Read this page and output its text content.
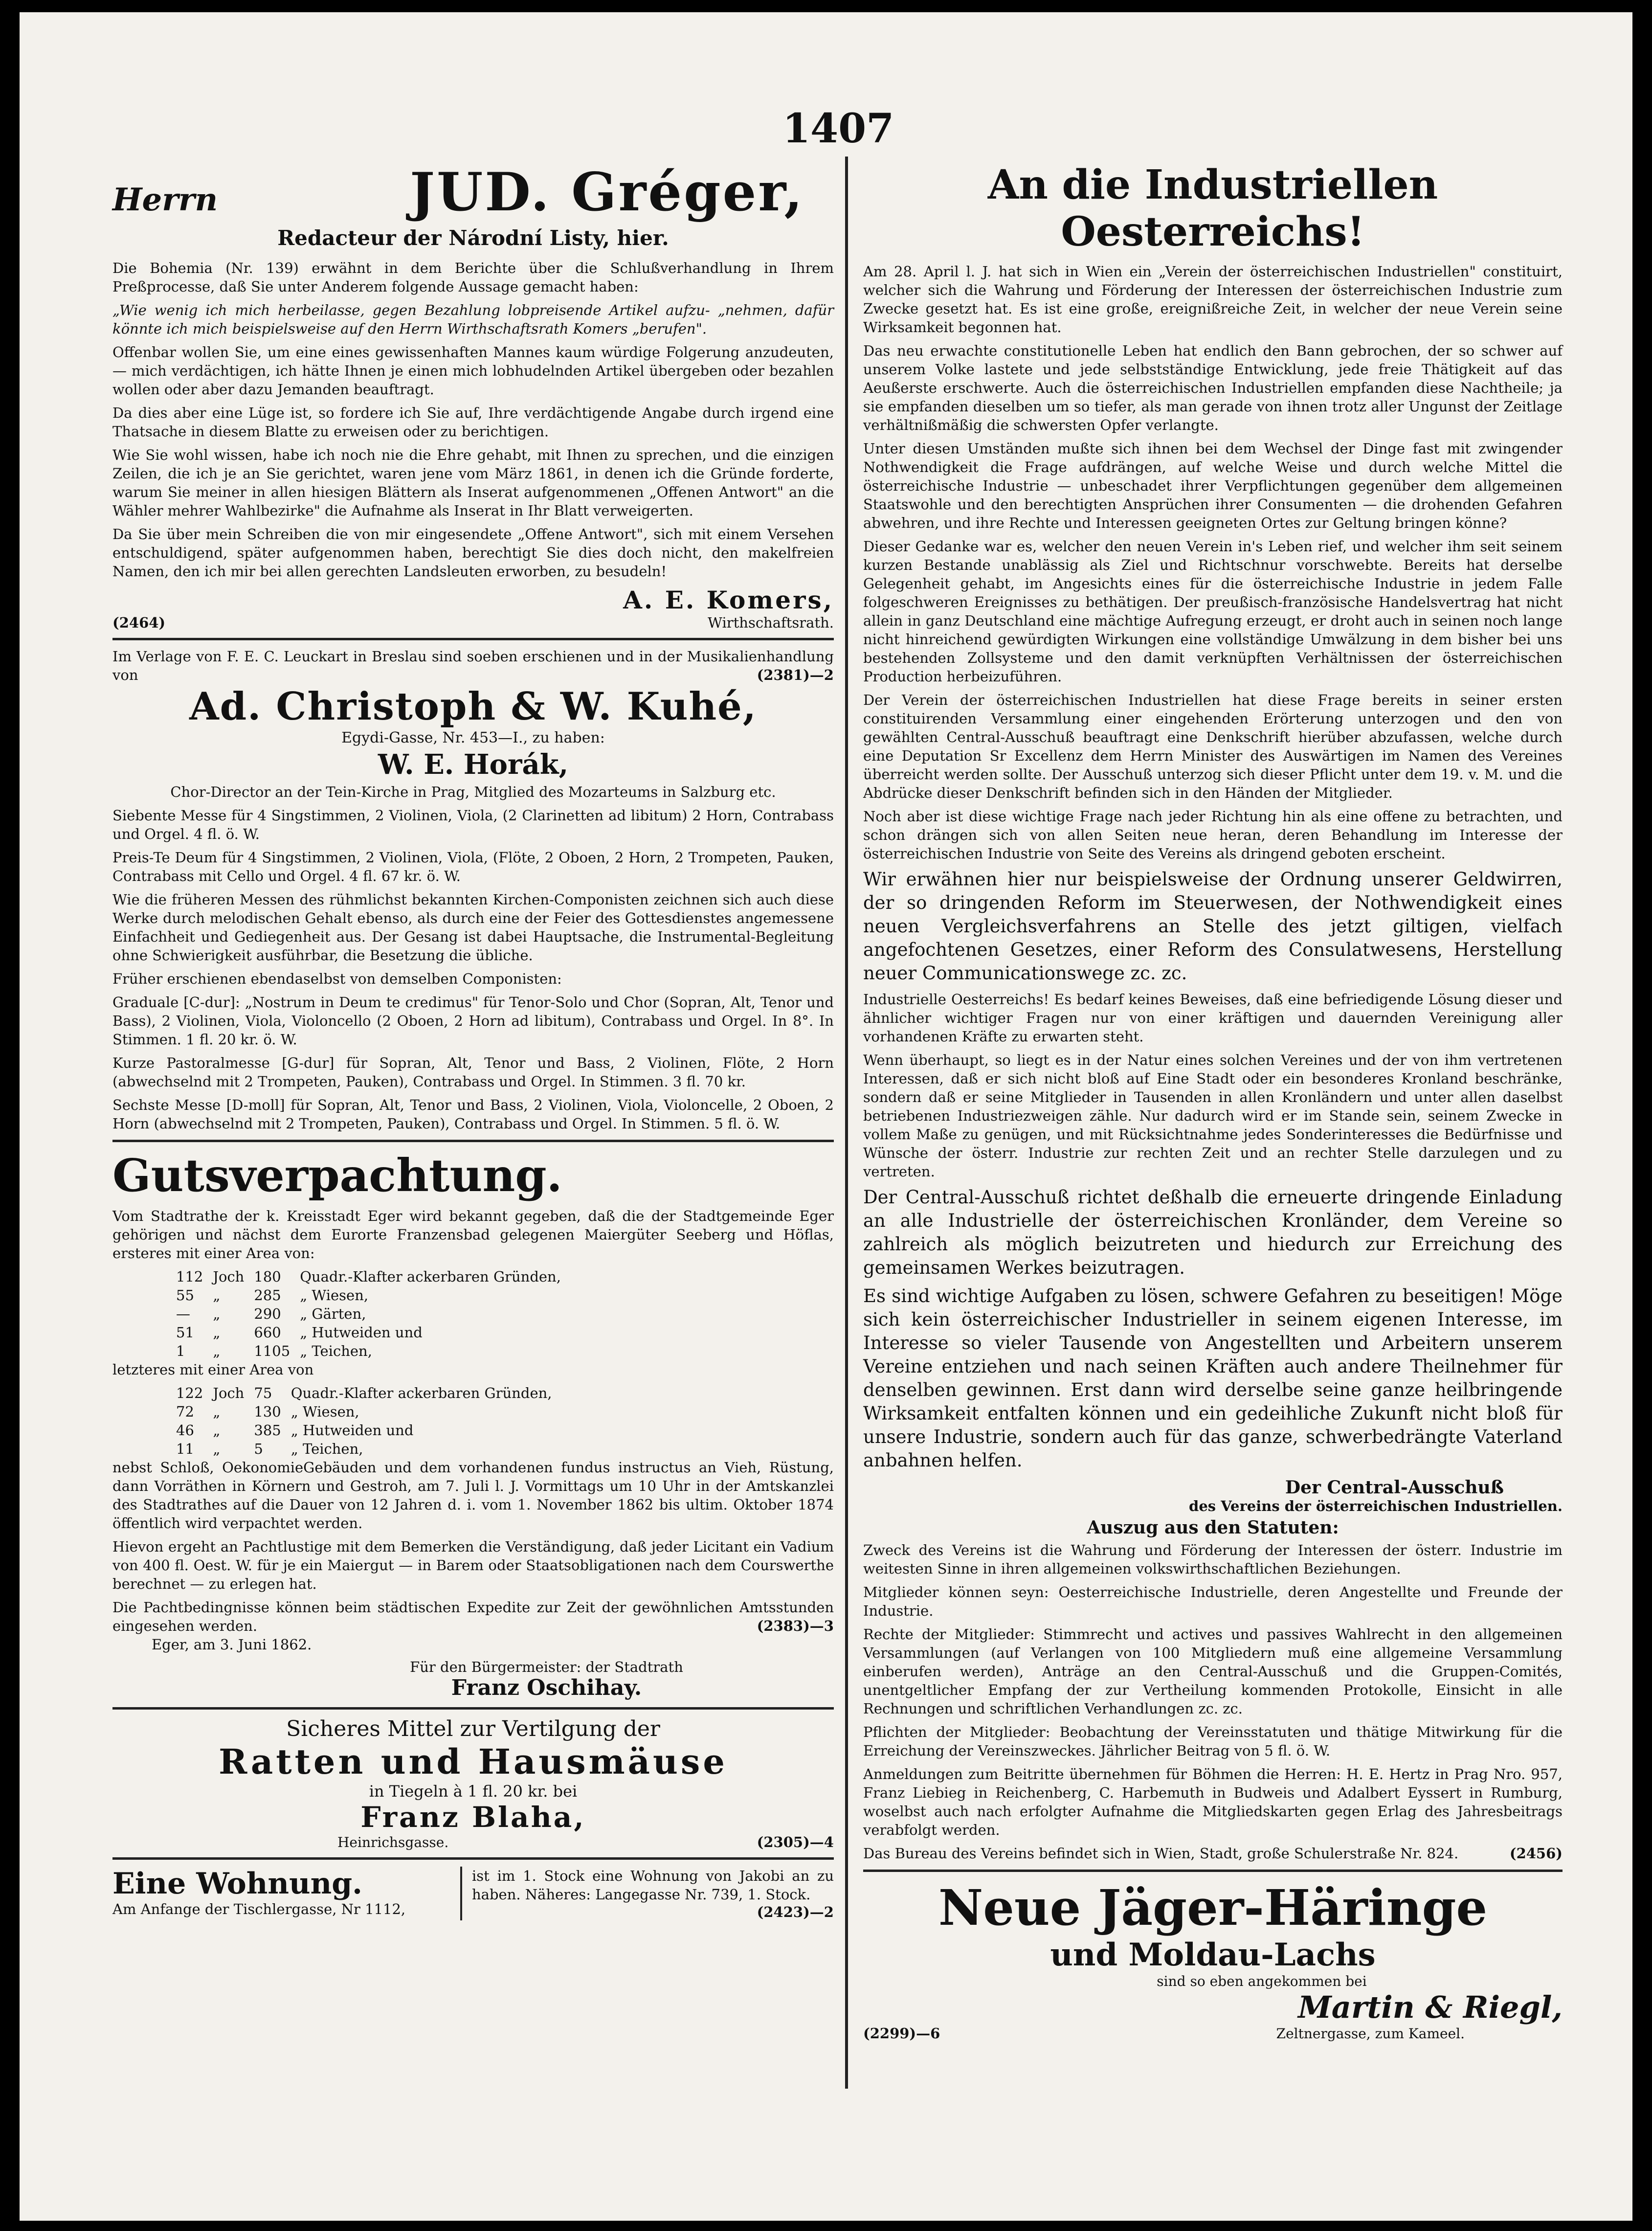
1407
Herrn	JUD. Gréger,
Redacteur der Národní Listy, hier.

Die Bohemia (Nr. 139) erwähnt in dem Berichte über die Schlußverhandlung in Ihrem Preßprocesse, daß Sie unter Anderem folgende Aussage gemacht haben:

„Wie wenig ich mich herbeilasse, gegen Bezahlung lobpreisende Artikel aufzu- „nehmen, dafür könnte ich mich beispielsweise auf den Herrn Wirthschaftsrath Komers „berufen".

Offenbar wollen Sie, um eine eines gewissenhaften Mannes kaum würdige Folgerung anzudeuten, — mich verdächtigen, ich hätte Ihnen je einen mich lobhudelnden Artikel übergeben oder bezahlen wollen oder aber dazu Jemanden beauftragt.

Da dies aber eine Lüge ist, so fordere ich Sie auf, Ihre verdächtigende Angabe durch irgend eine Thatsache in diesem Blatte zu erweisen oder zu berichtigen.

Wie Sie wohl wissen, habe ich noch nie die Ehre gehabt, mit Ihnen zu sprechen, und die einzigen Zeilen, die ich je an Sie gerichtet, waren jene vom März 1861, in denen ich die Gründe forderte, warum Sie meiner in allen hiesigen Blättern als Inserat aufgenommenen „Offenen Antwort" an die Wähler mehrer Wahlbezirke" die Aufnahme als Inserat in Ihr Blatt verweigerten.

Da Sie über mein Schreiben die von mir eingesendete „Offene Antwort", sich mit einem Versehen entschuldigend, später aufgenommen haben, berechtigt Sie dies doch nicht, den makelfreien Namen, den ich mir bei allen gerechten Landsleuten erworben, zu besudeln!

(2464)
A. E. Komers,
Wirthschaftsrath.

Im Verlage von F. E. C. Leuckart in Breslau sind soeben erschienen und in der Musikalienhandlung von	(2381)—2

Ad. Christoph & W. Kuhé,
Egydi-Gasse, Nr. 453—I., zu haben:
W. E. Horák,

Chor-Director an der Tein-Kirche in Prag, Mitglied des Mozarteums in Salzburg etc.

Siebente Messe für 4 Singstimmen, 2 Violinen, Viola, (2 Clarinetten ad libitum) 2 Horn, Contrabass und Orgel. 4 fl. ö. W.

Preis-Te Deum für 4 Singstimmen, 2 Violinen, Viola, (Flöte, 2 Oboen, 2 Horn, 2 Trompeten, Pauken, Contrabass mit Cello und Orgel. 4 fl. 67 kr. ö. W.

Wie die früheren Messen des rühmlichst bekannten Kirchen-Componisten zeichnen sich auch diese Werke durch melodischen Gehalt ebenso, als durch eine der Feier des Gottesdienstes angemessene Einfachheit und Gediegenheit aus. Der Gesang ist dabei Hauptsache, die Instrumental-Begleitung ohne Schwierigkeit ausführbar, die Besetzung die übliche.

Früher erschienen ebendaselbst von demselben Componisten:

Graduale [C-dur]: „Nostrum in Deum te credimus" für Tenor-Solo und Chor (Sopran, Alt, Tenor und Bass), 2 Violinen, Viola, Violoncello (2 Oboen, 2 Horn ad libitum), Contrabass und Orgel. In 8°. In Stimmen. 1 fl. 20 kr. ö. W.

Kurze Pastoralmesse [G-dur] für Sopran, Alt, Tenor und Bass, 2 Violinen, Flöte, 2 Horn (abwechselnd mit 2 Trompeten, Pauken), Contrabass und Orgel. In Stimmen. 3 fl. 70 kr.

Sechste Messe [D-moll] für Sopran, Alt, Tenor und Bass, 2 Violinen, Viola, Violoncelle, 2 Oboen, 2 Horn (abwechselnd mit 2 Trompeten, Pauken), Contrabass und Orgel. In Stimmen. 5 fl. ö. W.

Gutsverpachtung.

Vom Stadtrathe der k. Kreisstadt Eger wird bekannt gegeben, daß die der Stadtgemeinde Eger gehörigen und nächst dem Eurorte Franzensbad gelegenen Maiergüter Seeberg und Höflas, ersteres mit einer Area von:

112	Joch	180	Quadr.-Klafter ackerbaren Gründen,
55	„	285	„ Wiesen,
—	„	290	„ Gärten,
51	„	660	„ Hutweiden und
1	„	1105	„ Teichen,

letzteres mit einer Area von

122	Joch	75	Quadr.-Klafter ackerbaren Gründen,
72	„	130	„ Wiesen,
46	„	385	„ Hutweiden und
11	„	5	„ Teichen,

nebst Schloß, OekonomieGebäuden und dem vorhandenen fundus instructus an Vieh, Rüstung, dann Vorräthen in Körnern und Gestroh, am 7. Juli l. J. Vormittags um 10 Uhr in der Amtskanzlei des Stadtrathes auf die Dauer von 12 Jahren d. i. vom 1. November 1862 bis ultim. Oktober 1874 öffentlich wird verpachtet werden.

Hievon ergeht an Pachtlustige mit dem Bemerken die Verständigung, daß jeder Licitant ein Vadium von 400 fl. Oest. W. für je ein Maiergut — in Barem oder Staatsobligationen nach dem Courswerthe berechnet — zu erlegen hat.

Die Pachtbedingnisse können beim städtischen Expedite zur Zeit der gewöhnlichen Amtsstunden eingesehen werden.	(2383)—3

Eger, am 3. Juni 1862.

Für den Bürgermeister: der Stadtrath
Franz Oschihay.
Sicheres Mittel zur Vertilgung der
Ratten und Hausmäuse
in Tiegeln à 1 fl. 20 kr. bei
Franz Blaha,
Heinrichsgasse.	(2305)—4
Eine Wohnung.
Am Anfange der Tischlergasse, Nr 1112,

ist im 1. Stock eine Wohnung von Jakobi an zu haben. Näheres: Langegasse Nr. 739, 1. Stock.

(2423)—2
An die Industriellen Oesterreichs!

Am 28. April l. J. hat sich in Wien ein „Verein der österreichischen Industriellen" constituirt, welcher sich die Wahrung und Förderung der Interessen der österreichischen Industrie zum Zwecke gesetzt hat. Es ist eine große, ereignißreiche Zeit, in welcher der neue Verein seine Wirksamkeit begonnen hat.

Das neu erwachte constitutionelle Leben hat endlich den Bann gebrochen, der so schwer auf unserem Volke lastete und jede selbstständige Entwicklung, jede freie Thätigkeit auf das Aeußerste erschwerte. Auch die österreichischen Industriellen empfanden diese Nachtheile; ja sie empfanden dieselben um so tiefer, als man gerade von ihnen trotz aller Ungunst der Zeitlage verhältnißmäßig die schwersten Opfer verlangte.

Unter diesen Umständen mußte sich ihnen bei dem Wechsel der Dinge fast mit zwingender Nothwendigkeit die Frage aufdrängen, auf welche Weise und durch welche Mittel die österreichische Industrie — unbeschadet ihrer Verpflichtungen gegenüber dem allgemeinen Staatswohle und den berechtigten Ansprüchen ihrer Consumenten — die drohenden Gefahren abwehren, und ihre Rechte und Interessen geeigneten Ortes zur Geltung bringen könne?

Dieser Gedanke war es, welcher den neuen Verein in's Leben rief, und welcher ihm seit seinem kurzen Bestande unablässig als Ziel und Richtschnur vorschwebte. Bereits hat derselbe Gelegenheit gehabt, im Angesichts eines für die österreichische Industrie in jedem Falle folgeschweren Ereignisses zu bethätigen. Der preußisch-französische Handelsvertrag hat nicht allein in ganz Deutschland eine mächtige Aufregung erzeugt, er droht auch in seinen noch lange nicht hinreichend gewürdigten Wirkungen eine vollständige Umwälzung in dem bisher bei uns bestehenden Zollsysteme und den damit verknüpften Verhältnissen der österreichischen Production herbeizuführen.

Der Verein der österreichischen Industriellen hat diese Frage bereits in seiner ersten constituirenden Versammlung einer eingehenden Erörterung unterzogen und den von gewählten Central-Ausschuß beauftragt eine Denkschrift hierüber abzufassen, welche durch eine Deputation Sr Excellenz dem Herrn Minister des Auswärtigen im Namen des Vereines überreicht werden sollte. Der Ausschuß unterzog sich dieser Pflicht unter dem 19. v. M. und die Abdrücke dieser Denkschrift befinden sich in den Händen der Mitglieder.

Noch aber ist diese wichtige Frage nach jeder Richtung hin als eine offene zu betrachten, und schon drängen sich von allen Seiten neue heran, deren Behandlung im Interesse der österreichischen Industrie von Seite des Vereins als dringend geboten erscheint.

Wir erwähnen hier nur beispielsweise der Ordnung unserer Geldwirren, der so dringenden Reform im Steuerwesen, der Nothwendigkeit eines neuen Vergleichsverfahrens an Stelle des jetzt giltigen, vielfach angefochtenen Gesetzes, einer Reform des Consulatwesens, Herstellung neuer Communicationswege zc. zc.

Industrielle Oesterreichs! Es bedarf keines Beweises, daß eine befriedigende Lösung dieser und ähnlicher wichtiger Fragen nur von einer kräftigen und dauernden Vereinigung aller vorhandenen Kräfte zu erwarten steht.

Wenn überhaupt, so liegt es in der Natur eines solchen Vereines und der von ihm vertretenen Interessen, daß er sich nicht bloß auf Eine Stadt oder ein besonderes Kronland beschränke, sondern daß er seine Mitglieder in Tausenden in allen Kronländern und unter allen daselbst betriebenen Industriezweigen zähle. Nur dadurch wird er im Stande sein, seinem Zwecke in vollem Maße zu genügen, und mit Rücksichtnahme jedes Sonderinteresses die Bedürfnisse und Wünsche der österr. Industrie zur rechten Zeit und an rechter Stelle darzulegen und zu vertreten.

Der Central-Ausschuß richtet deßhalb die erneuerte dringende Einladung an alle Industrielle der österreichischen Kronländer, dem Vereine so zahlreich als möglich beizutreten und hiedurch zur Erreichung des gemeinsamen Werkes beizutragen.

Es sind wichtige Aufgaben zu lösen, schwere Gefahren zu beseitigen! Möge sich kein österreichischer Industrieller in seinem eigenen Interesse, im Interesse so vieler Tausende von Angestellten und Arbeitern unserem Vereine entziehen und nach seinen Kräften auch andere Theilnehmer für denselben gewinnen. Erst dann wird derselbe seine ganze heilbringende Wirksamkeit entfalten können und ein gedeihliche Zukunft nicht bloß für unsere Industrie, sondern auch für das ganze, schwerbedrängte Vaterland anbahnen helfen.

Der Central-Ausschuß
des Vereins der österreichischen Industriellen.
Auszug aus den Statuten:

Zweck des Vereins ist die Wahrung und Förderung der Interessen der österr. Industrie im weitesten Sinne in ihren allgemeinen volkswirthschaftlichen Beziehungen.

Mitglieder können seyn: Oesterreichische Industrielle, deren Angestellte und Freunde der Industrie.

Rechte der Mitglieder: Stimmrecht und actives und passives Wahlrecht in den allgemeinen Versammlungen (auf Verlangen von 100 Mitgliedern muß eine allgemeine Versammlung einberufen werden), Anträge an den Central-Ausschuß und die Gruppen-Comités, unentgeltlicher Empfang der zur Vertheilung kommenden Protokolle, Einsicht in alle Rechnungen und schriftlichen Verhandlungen zc. zc.

Pflichten der Mitglieder: Beobachtung der Vereinsstatuten und thätige Mitwirkung für die Erreichung der Vereinszweckes. Jährlicher Beitrag von 5 fl. ö. W.

Anmeldungen zum Beitritte übernehmen für Böhmen die Herren: H. E. Hertz in Prag Nro. 957, Franz Liebieg in Reichenberg, C. Harbemuth in Budweis und Adalbert Eyssert in Rumburg, woselbst auch nach erfolgter Aufnahme die Mitgliedskarten gegen Erlag des Jahresbeitrags verabfolgt werden.

Das Bureau des Vereins befindet sich in Wien, Stadt, große Schulerstraße Nr. 824.	(2456)

Neue Jäger-Häringe
und Moldau-Lachs
sind so eben angekommen bei
Martin & Riegl,
(2299)—6	Zeltnergasse, zum Kameel.
